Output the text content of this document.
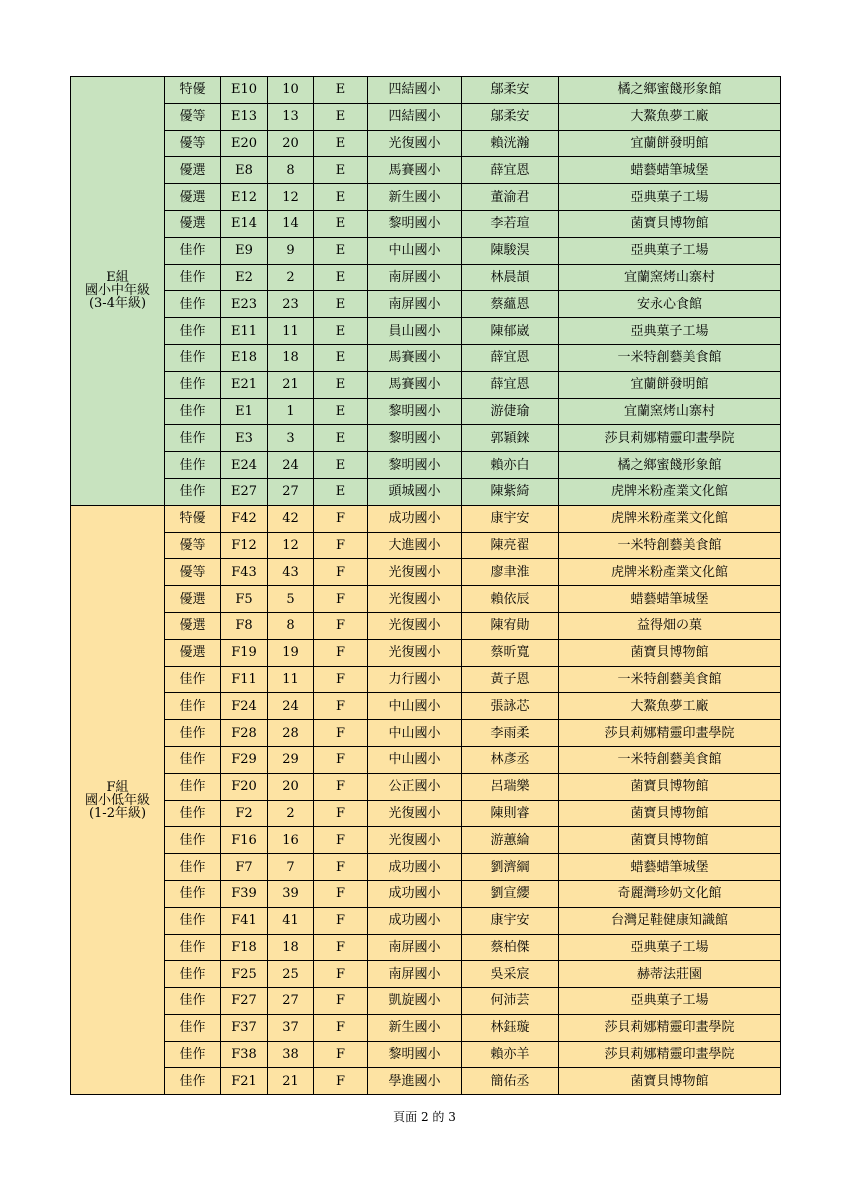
E組
國小中年級
(3-4年級)	特優	E10	10	E	四結國小	鄔柔安	橘之鄉蜜餞形象館
	優等	E13	13	E	四結國小	鄔柔安	大鰲魚夢工廠
	優等	E20	20	E	光復國小	賴洸瀚	宜蘭餅發明館
	優選	E8	8	E	馬賽國小	薛宜恩	蜡藝蜡筆城堡
	優選	E12	12	E	新生國小	董渝君	亞典菓子工場
	優選	E14	14	E	黎明國小	李若瑄	菌寶貝博物館
	佳作	E9	9	E	中山國小	陳駿淏	亞典菓子工場
	佳作	E2	2	E	南屏國小	林晨頡	宜蘭窯烤山寨村
	佳作	E23	23	E	南屏國小	蔡蘊恩	安永心食館
	佳作	E11	11	E	員山國小	陳郁崴	亞典菓子工場
	佳作	E18	18	E	馬賽國小	薛宜恩	一米特創藝美食館
	佳作	E21	21	E	馬賽國小	薛宜恩	宜蘭餅發明館
	佳作	E1	1	E	黎明國小	游倢瑜	宜蘭窯烤山寨村
	佳作	E3	3	E	黎明國小	郭穎錸	莎貝莉娜精靈印畫學院
	佳作	E24	24	E	黎明國小	賴亦白	橘之鄉蜜餞形象館
	佳作	E27	27	E	頭城國小	陳紫綺	虎牌米粉產業文化館

F組
國小低年級
(1-2年級)	特優	F42	42	F	成功國小	康宇安	虎牌米粉產業文化館
	優等	F12	12	F	大進國小	陳亮翟	一米特創藝美食館
	優等	F43	43	F	光復國小	廖聿淮	虎牌米粉產業文化館
	優選	F5	5	F	光復國小	賴依辰	蜡藝蜡筆城堡
	優選	F8	8	F	光復國小	陳宥勛	益得畑の菓
	優選	F19	19	F	光復國小	蔡昕寬	菌寶貝博物館
	佳作	F11	11	F	力行國小	黃子恩	一米特創藝美食館
	佳作	F24	24	F	中山國小	張詠芯	大鰲魚夢工廠
	佳作	F28	28	F	中山國小	李雨柔	莎貝莉娜精靈印畫學院
	佳作	F29	29	F	中山國小	林彥丞	一米特創藝美食館
	佳作	F20	20	F	公正國小	呂瑞樂	菌寶貝博物館
	佳作	F2	2	F	光復國小	陳則睿	菌寶貝博物館
	佳作	F16	16	F	光復國小	游蕙綸	菌寶貝博物館
	佳作	F7	7	F	成功國小	劉濟綱	蜡藝蜡筆城堡
	佳作	F39	39	F	成功國小	劉宣纓	奇麗灣珍奶文化館
	佳作	F41	41	F	成功國小	康宇安	台灣足鞋健康知識館
	佳作	F18	18	F	南屏國小	蔡柏傑	亞典菓子工場
	佳作	F25	25	F	南屏國小	吳采宸	赫蒂法莊園
	佳作	F27	27	F	凱旋國小	何沛芸	亞典菓子工場
	佳作	F37	37	F	新生國小	林鈺璇	莎貝莉娜精靈印畫學院
	佳作	F38	38	F	黎明國小	賴亦羊	莎貝莉娜精靈印畫學院
	佳作	F21	21	F	學進國小	簡佑丞	菌寶貝博物館
頁面 2 的 3
